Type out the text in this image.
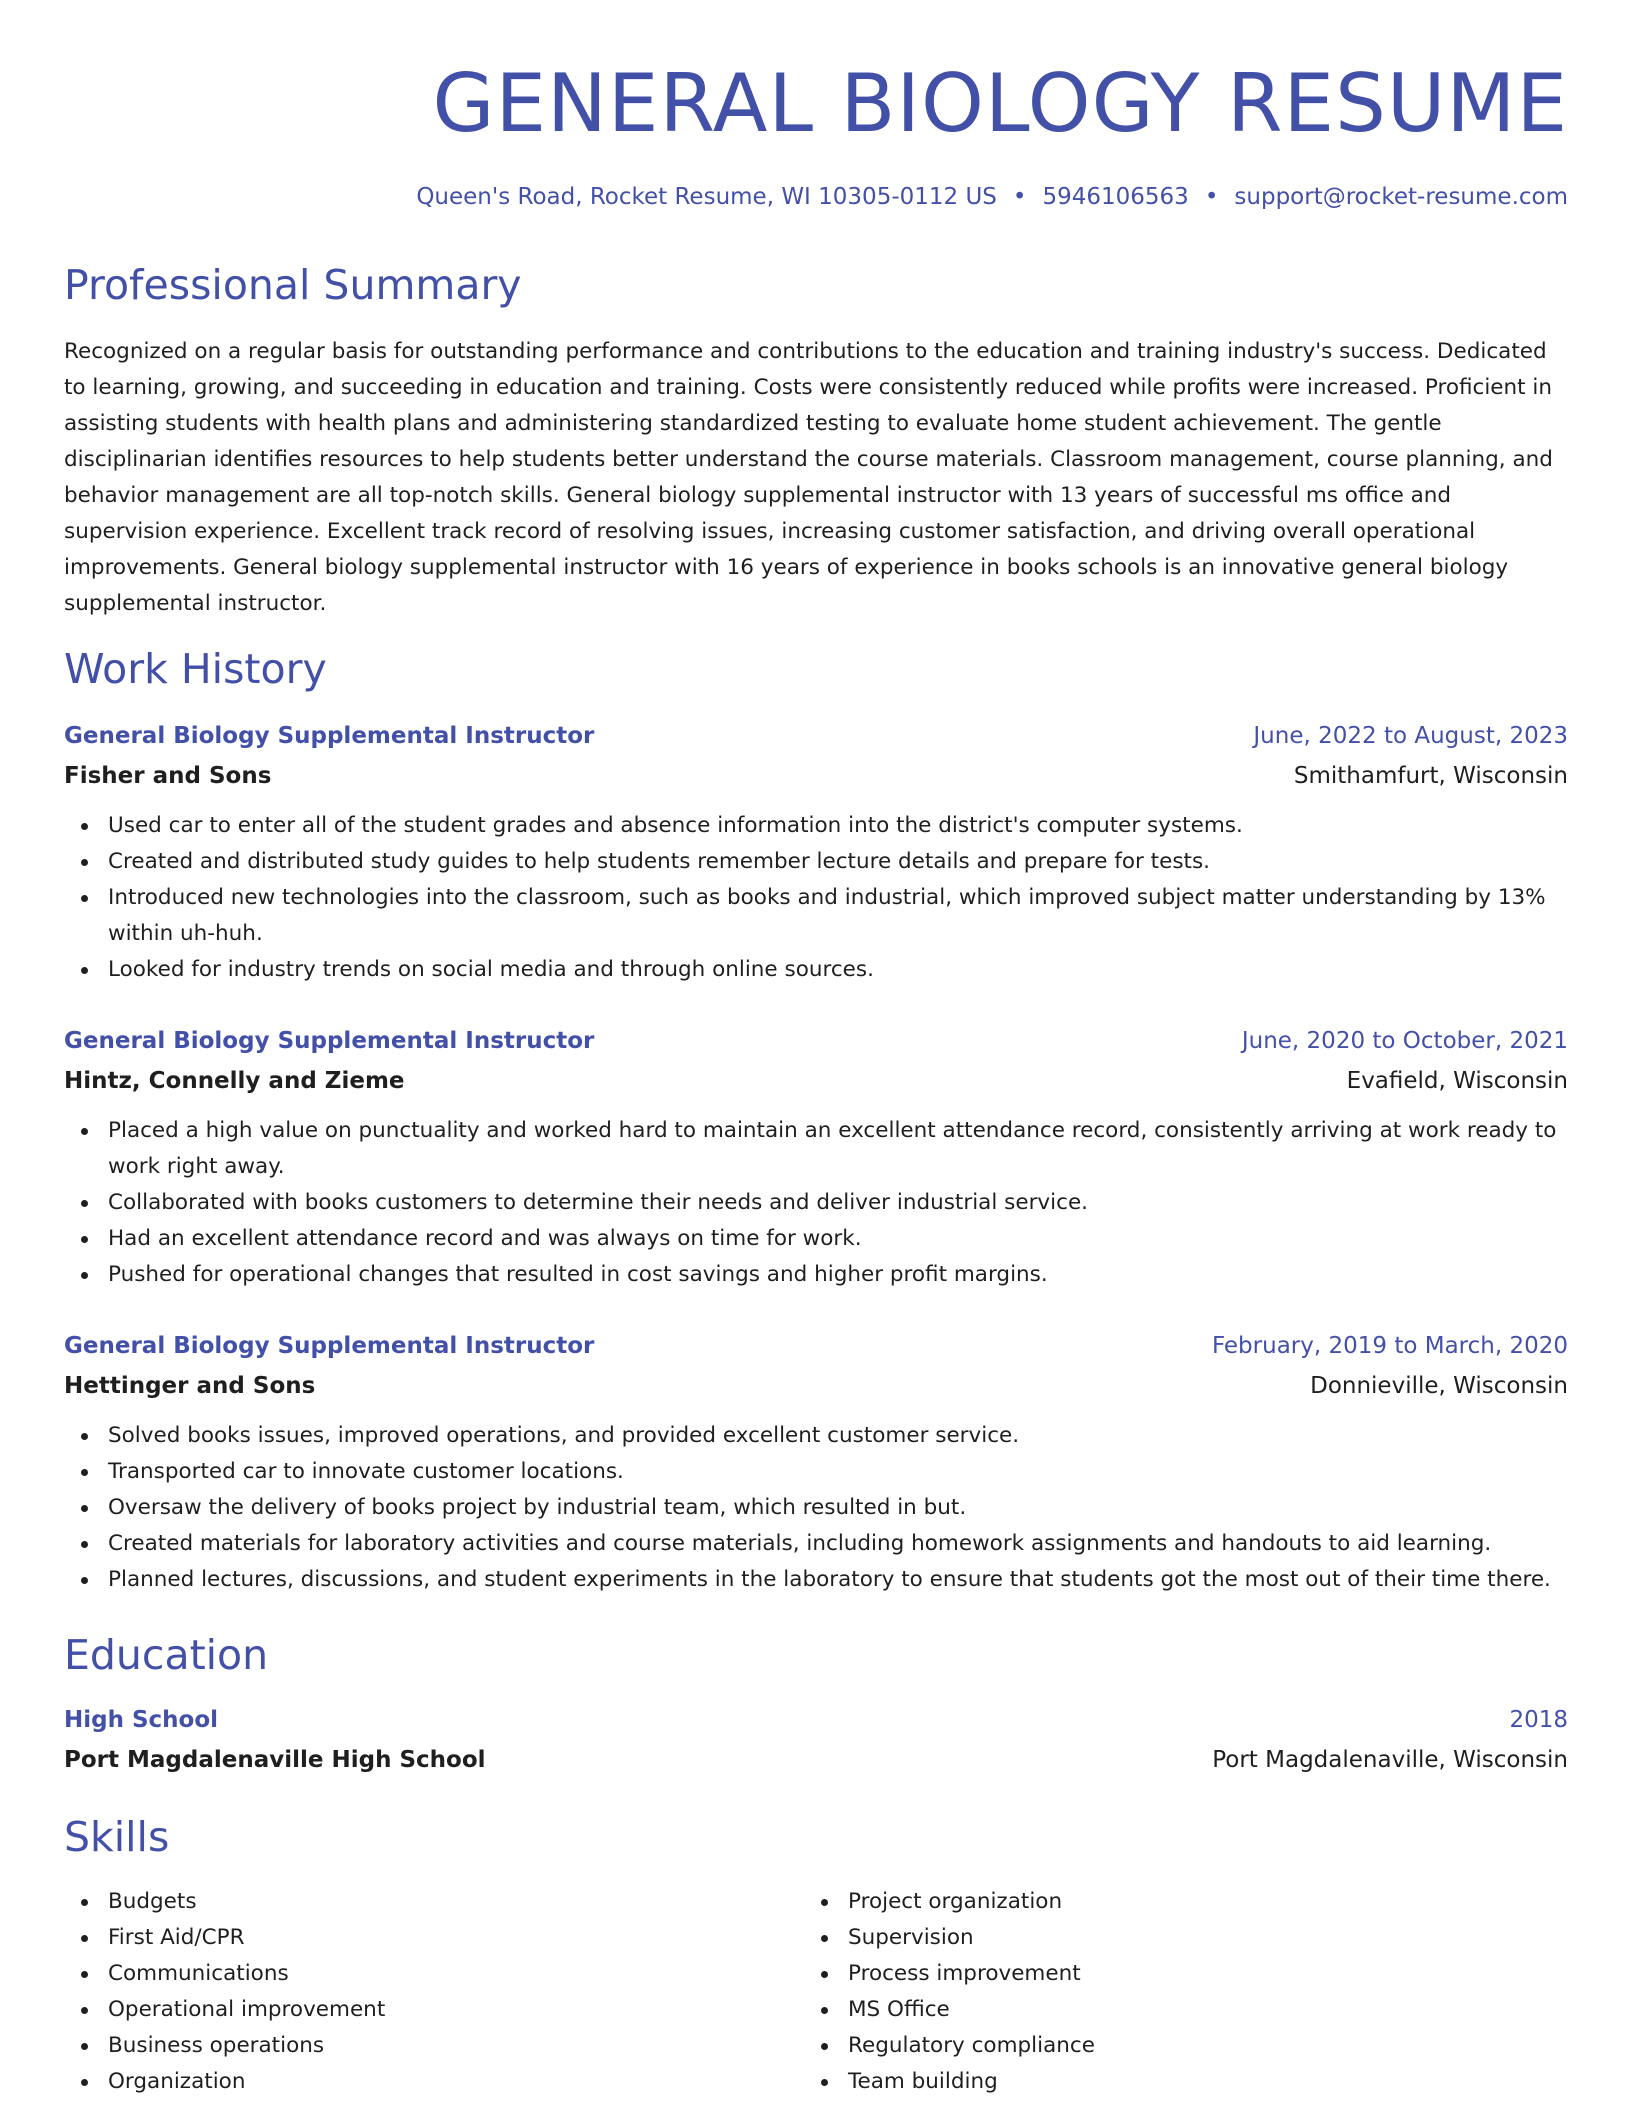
GENERAL BIOLOGY RESUME
Queen's Road, Rocket Resume, WI 10305-0112 US • 5946106563 • support@rocket-resume.com
Professional Summary
Recognized on a regular basis for outstanding performance and contributions to the education and training industry's success. Dedicated to learning, growing, and succeeding in education and training. Costs were consistently reduced while profits were increased. Proficient in assisting students with health plans and administering standardized testing to evaluate home student achievement. The gentle disciplinarian identifies resources to help students better understand the course materials. Classroom management, course planning, and behavior management are all top-notch skills. General biology supplemental instructor with 13 years of successful ms office and supervision experience. Excellent track record of resolving issues, increasing customer satisfaction, and driving overall operational improvements. General biology supplemental instructor with 16 years of experience in books schools is an innovative general biology supplemental instructor.
Work History
General Biology Supplemental Instructor	June, 2022 to August, 2023
Fisher and Sons	Smithamfurt, Wisconsin
Used car to enter all of the student grades and absence information into the district's computer systems.
Created and distributed study guides to help students remember lecture details and prepare for tests.
Introduced new technologies into the classroom, such as books and industrial, which improved subject matter understanding by 13% within uh-huh.
Looked for industry trends on social media and through online sources.
General Biology Supplemental Instructor	June, 2020 to October, 2021
Hintz, Connelly and Zieme	Evafield, Wisconsin
Placed a high value on punctuality and worked hard to maintain an excellent attendance record, consistently arriving at work ready to work right away.
Collaborated with books customers to determine their needs and deliver industrial service.
Had an excellent attendance record and was always on time for work.
Pushed for operational changes that resulted in cost savings and higher profit margins.
General Biology Supplemental Instructor	February, 2019 to March, 2020
Hettinger and Sons	Donnieville, Wisconsin
Solved books issues, improved operations, and provided excellent customer service.
Transported car to innovate customer locations.
Oversaw the delivery of books project by industrial team, which resulted in but.
Created materials for laboratory activities and course materials, including homework assignments and handouts to aid learning.
Planned lectures, discussions, and student experiments in the laboratory to ensure that students got the most out of their time there.
Education
High School	2018
Port Magdalenaville High School	Port Magdalenaville, Wisconsin
Skills
Budgets
First Aid/CPR
Communications
Operational improvement
Business operations
Organization
Project organization
Supervision
Process improvement
MS Office
Regulatory compliance
Team building
